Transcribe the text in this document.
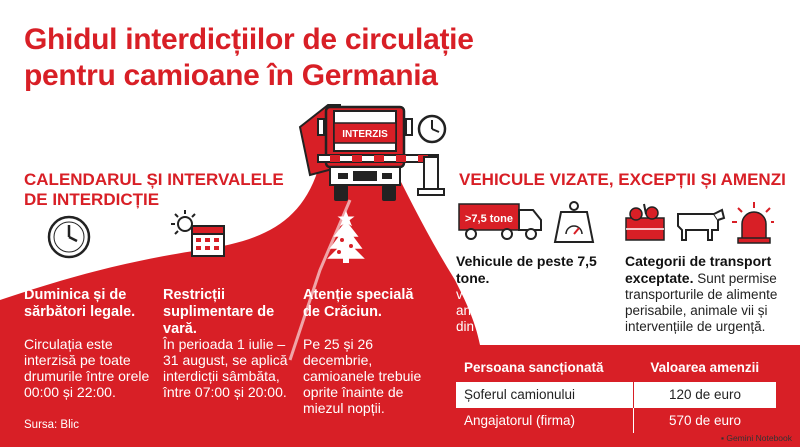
Ghidul interdicțiilor de circulație
pentru camioane în Germania
INTERZIS
CALENDARUL ȘI INTERVALELE
DE INTERDICȚIE
Duminica și de sărbători legale.
Circulația este interzisă pe toate drumurile între orele 00:00 și 22:00.
Restricții suplimentare de vară.
În perioada 1 iulie – 31 august, se aplică interdicții sâmbăta, între 07:00 și 20:00.
Atenție specială de Crăciun.
Pe 25 și 26 decembrie, camioanele trebuie oprite înainte de miezul nopții.
Sursa: Blic
VEHICULE VIZATE, EXCEPȚII ȘI AMENZI
>7,5 tone
Vehicule de peste 7,5 tone. Regula se aplică vehiculelor grele și ansamblurilor formate din camion și remorcă.
Categorii de transport exceptate. Sunt permise transporturile de alimente perisabile, animale vii și intervențiile de urgență.
Persoana sancționată	Valoarea amenzii
Șoferul camionului	120 de euro
Angajatorul (firma)	570 de euro
▪ Gemini Notebook
